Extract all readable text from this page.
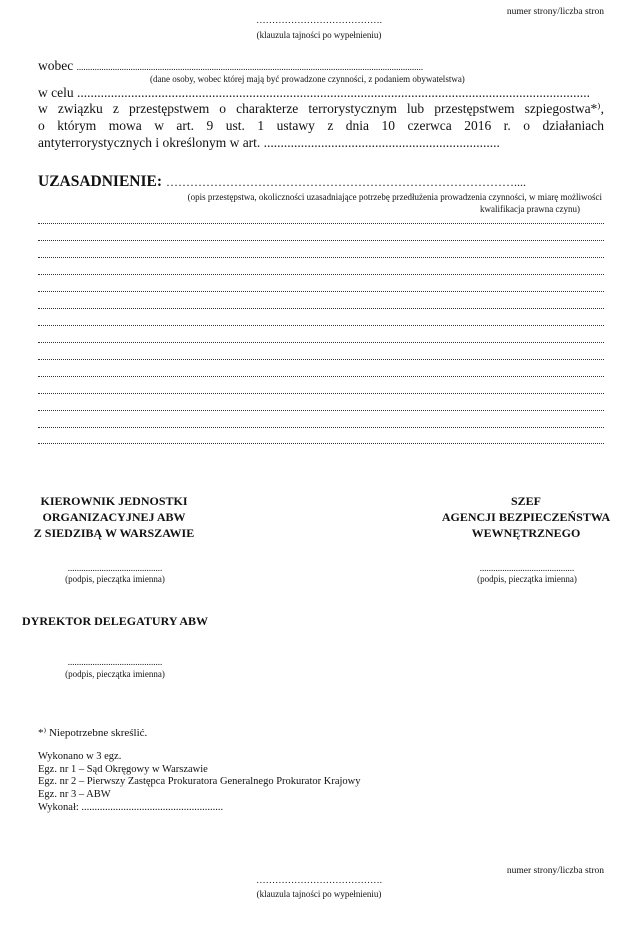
numer strony/liczba stron
………………………………….
(klauzula tajności po wypełnieniu)
wobec ..........................................................................................................................................................
(dane osoby, wobec której mają być prowadzone czynności, z podaniem obywatelstwa)
w celu ........................................................................................................................................................
w związku z przestępstwem o charakterze terrorystycznym lub przestępstwem szpiegostwa*⁾,
o którym mowa w art. 9 ust. 1 ustawy z dnia 10 czerwca 2016 r. o działaniach
antyterrorystycznych i określonym w art. ......................................................................
UZASADNIENIE: ……………………………………………………………………………....
(opis przestępstwa, okoliczności uzasadniające potrzebę przedłużenia prowadzenia czynności, w miarę możliwości
kwalifikacja prawna czynu)
KIEROWNIK JEDNOSTKI
ORGANIZACYJNEJ ABW
Z SIEDZIBĄ W WARSZAWIE
SZEF
AGENCJI BEZPIECZEŃSTWA
WEWNĘTRZNEGO
..........................................
(podpis, pieczątka imienna)
..........................................
(podpis, pieczątka imienna)
DYREKTOR DELEGATURY ABW
..........................................
(podpis, pieczątka imienna)
*⁾ Niepotrzebne skreślić.
Wykonano w 3 egz.
Egz. nr 1 – Sąd Okręgowy w Warszawie
Egz. nr 2 – Pierwszy Zastępca Prokuratora Generalnego Prokurator Krajowy
Egz. nr 3 – ABW
Wykonał: ......................................................
numer strony/liczba stron
………………………………….
(klauzula tajności po wypełnieniu)
